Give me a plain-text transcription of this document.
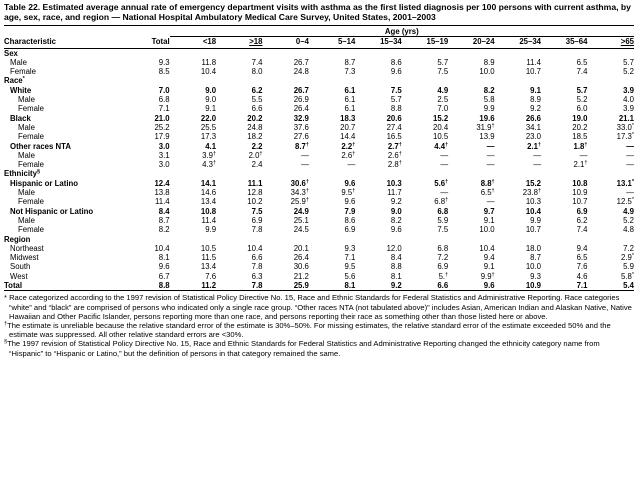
Table 22. Estimated average annual rate of emergency department visits with asthma as the first listed diagnosis per 100 persons with current asthma, by age, sex, race, and region — National Hospital Ambulatory Medical Care Survey, United States, 2001–2003
		Age (yrs)									
Characteristic	Total	<18	>18	0–4	5–14	15–34	15–19	20–24	25–34	35–64	>65
Sex											
Male	9.3	11.8	7.4	26.7	8.7	8.6	5.7	8.9	11.4	6.5	5.7
Female	8.5	10.4	8.0	24.8	7.3	9.6	7.5	10.0	10.7	7.4	5.2
Race*	
White	7.0	9.0	6.2	26.7	6.1	7.5	4.9	8.2	9.1	5.7	3.9
Male	6.8	9.0	5.5	26.9	6.1	5.7	2.5	5.8	8.9	5.2	4.0
Female	7.1	9.1	6.6	26.4	6.1	8.8	7.0	9.9	9.2	6.0	3.9
Black	21.0	22.0	20.2	32.9	18.3	20.6	15.2	19.6	26.6	19.0	21.1
Male	25.2	25.5	24.8	37.6	20.7	27.4	20.4	31.9†	34.1	20.2	33.0*
Female	17.9	17.3	18.2	27.6	14.4	16.5	10.5	13.9	23.0	18.5	17.3*
Other races NTA	3.0	4.1	2.2	8.7†	2.2†	2.7†	4.4†	—	2.1†	1.8†	—
Male	3.1	3.9†	2.0†	—	2.6†	2.6†	—	—	—	—	—
Female	3.0	4.3†	2.4	—	—	2.8†	—	—	—	2.1†	—
Ethnicity§	
Hispanic or Latino	12.4	14.1	11.1	30.6†	9.6	10.3	5.6†	8.8†	15.2	10.8	13.1*
Male	13.8	14.6	12.8	34.3†	9.5†	11.7	—	6.5†	23.8†	10.9	—
Female	11.4	13.4	10.2	25.9†	9.6	9.2	6.8†	—	10.3	10.7	12.5*
Not Hispanic or Latino	8.4	10.8	7.5	24.9	7.9	9.0	6.8	9.7	10.4	6.9	4.9
Male	8.7	11.4	6.9	25.1	8.6	8.2	5.9	9.1	9.9	6.2	5.2
Female	8.2	9.9	7.8	24.5	6.9	9.6	7.5	10.0	10.7	7.4	4.8
Region											
Northeast	10.4	10.5	10.4	20.1	9.3	12.0	6.8	10.4	18.0	9.4	7.2
Midwest	8.1	11.5	6.6	26.4	7.1	8.4	7.2	9.4	8.7	6.5	2.9*
South	9.6	13.4	7.8	30.6	9.5	8.8	6.9	9.1	10.0	7.6	5.9
West	6.7	7.6	6.3	21.2	5.6	8.1	5.†	9.9†	9.3	4.6	5.8*
Total	8.8	11.2	7.8	25.9	8.1	9.2	6.6	9.6	10.9	7.1	5.4

* Race categorized according to the 1997 revision of Statistical Policy Directive No. 15, Race and Ethnic Standards for Federal Statistics and Administrative Reporting. Race categories “white” and “black” are comprised of persons who indicated only a single race group. “Other races NTA (not tabulated above)” includes Asian, American Indian and Alaskan Native, Native Hawaiian and Other Pacific Islander, persons reporting more than one race, and persons reporting their race as something other than those listed here or above.

†The estimate is unreliable because the relative standard error of the estimate is 30%–50%. For missing estimates, the relative standard error of the estimate exceeded 50% and the estimate was suppressed. All other relative standard errors are <30%.

§The 1997 revision of Statistical Policy Directive No. 15, Race and Ethnic Standards for Federal Statistics and Administrative Reporting changed the ethnicity category name from “Hispanic” to “Hispanic or Latino,” but the definition of persons in that category remained the same.
